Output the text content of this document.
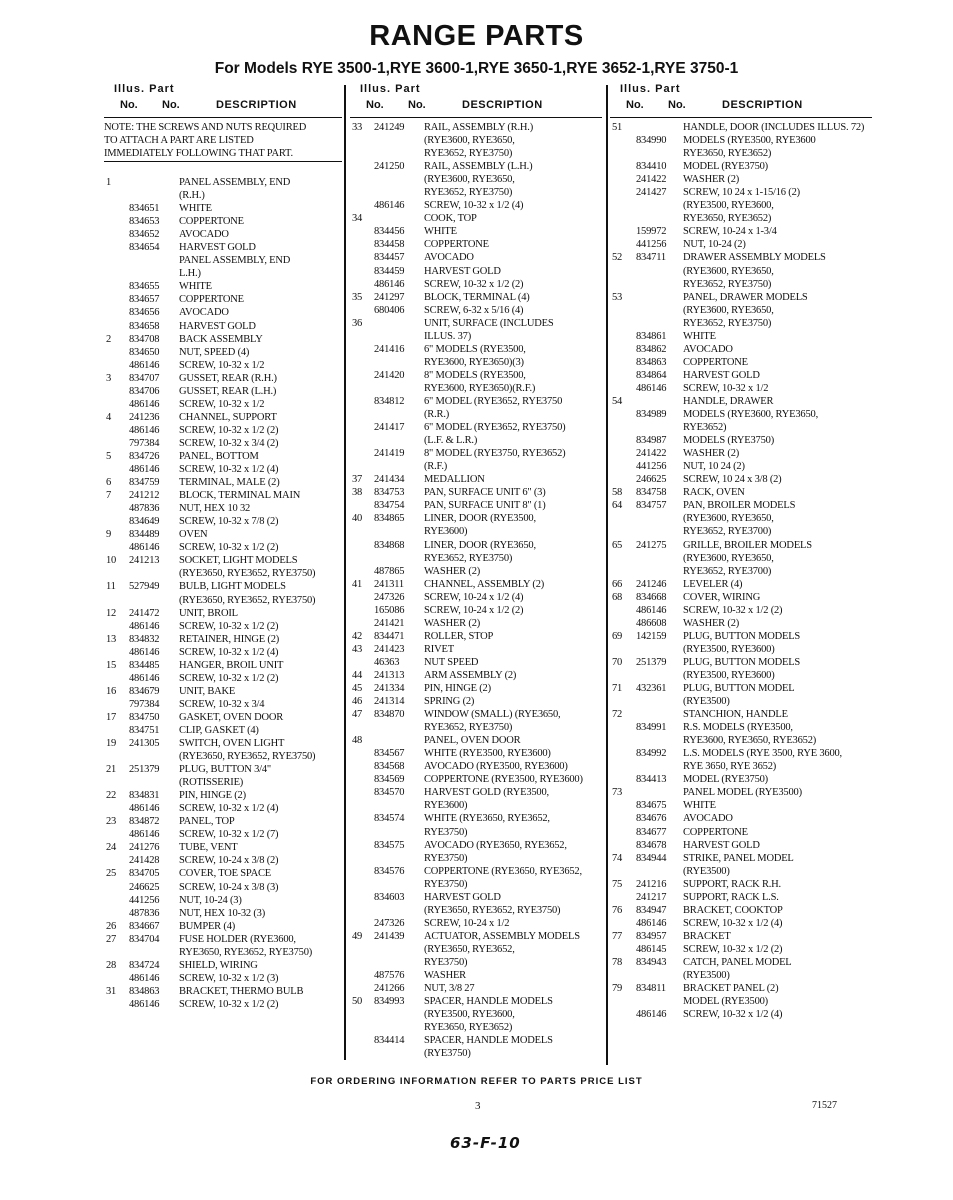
RANGE PARTS
For Models RYE 3500-1,RYE 3600-1,RYE 3650-1,RYE 3652-1,RYE 3750-1
Illus. Part
No. No.	DESCRIPTION
NOTE: THE SCREWS AND NUTS REQUIRED
TO ATTACH A PART ARE LISTED
IMMEDIATELY FOLLOWING THAT PART.
1	PANEL ASSEMBLY, END
(R.H.)
834651 WHITE
834653 COPPERTONE
834652 AVOCADO
834654 HARVEST GOLD
PANEL ASSEMBLY, END
L.H.)
834655 WHITE
834657 COPPERTONE
834656 AVOCADO
834658 HARVEST GOLD
2 834708 BACK ASSEMBLY
834650 NUT, SPEED (4)
486146 SCREW, 10-32 x 1/2
3 834707 GUSSET, REAR (R.H.)
834706 GUSSET, REAR (L.H.)
486146 SCREW, 10-32 x 1/2
4 241236 CHANNEL, SUPPORT
486146 SCREW, 10-32 x 1/2 (2)
797384 SCREW, 10-32 x 3/4 (2)
5 834726 PANEL, BOTTOM
486146 SCREW, 10-32 x 1/2 (4)
6 834759 TERMINAL, MALE (2)
7 241212 BLOCK, TERMINAL MAIN
487836 NUT, HEX 10 32
834649 SCREW, 10-32 x 7/8 (2)
9 834489 OVEN
486146 SCREW, 10-32 x 1/2 (2)
10 241213 SOCKET, LIGHT MODELS
(RYE3650, RYE3652, RYE3750)
11 527949 BULB, LIGHT MODELS
(RYE3650, RYE3652, RYE3750)
12 241472 UNIT, BROIL
486146 SCREW, 10-32 x 1/2 (2)
13 834832 RETAINER, HINGE (2)
486146 SCREW, 10-32 x 1/2 (4)
15 834485 HANGER, BROIL UNIT
486146 SCREW, 10-32 x 1/2 (2)
16 834679 UNIT, BAKE
797384 SCREW, 10-32 x 3/4
17 834750 GASKET, OVEN DOOR
834751 CLIP, GASKET (4)
19 241305 SWITCH, OVEN LIGHT
(RYE3650, RYE3652, RYE3750)
21 251379 PLUG, BUTTON 3/4"
(ROTISSERIE)
22 834831 PIN, HINGE (2)
486146 SCREW, 10-32 x 1/2 (4)
23 834872 PANEL, TOP
486146 SCREW, 10-32 x 1/2 (7)
24 241276 TUBE, VENT
241428 SCREW, 10-24 x 3/8 (2)
25 834705 COVER, TOE SPACE
246625 SCREW, 10-24 x 3/8 (3)
441256 NUT, 10-24 (3)
487836 NUT, HEX 10-32 (3)
26 834667 BUMPER (4)
27 834704 FUSE HOLDER (RYE3600,
RYE3650, RYE3652, RYE3750)
28 834724 SHIELD, WIRING
486146 SCREW, 10-32 x 1/2 (3)
31 834863 BRACKET, THERMO BULB
486146 SCREW, 10-32 x 1/2 (2)
Illus. Part
No. No.	DESCRIPTION
33 241249 RAIL, ASSEMBLY (R.H.)
(RYE3600, RYE3650,
RYE3652, RYE3750)
241250 RAIL, ASSEMBLY (L.H.)
(RYE3600, RYE3650,
RYE3652, RYE3750)
486146 SCREW, 10-32 x 1/2 (4)
34	COOK, TOP
834456 WHITE
834458 COPPERTONE
834457 AVOCADO
834459 HARVEST GOLD
486146 SCREW, 10-32 x 1/2 (2)
35 241297 BLOCK, TERMINAL (4)
680406 SCREW, 6-32 x 5/16 (4)
36	UNIT, SURFACE (INCLUDES
ILLUS. 37)
241416 6" MODELS (RYE3500,
RYE3600, RYE3650)(3)
241420 8" MODELS (RYE3500,
RYE3600, RYE3650)(R.F.)
834812 6" MODEL (RYE3652, RYE3750
(R.R.)
241417 6" MODEL (RYE3652, RYE3750)
(L.F. & L.R.)
241419 8" MODEL (RYE3750, RYE3652)
(R.F.)
37 241434 MEDALLION
38 834753 PAN, SURFACE UNIT 6" (3)
834754 PAN, SURFACE UNIT 8" (1)
40 834865 LINER, DOOR (RYE3500,
RYE3600)
834868 LINER, DOOR (RYE3650,
RYE3652, RYE3750)
487865 WASHER (2)
41 241311 CHANNEL, ASSEMBLY (2)
247326 SCREW, 10-24 x 1/2 (4)
165086 SCREW, 10-24 x 1/2 (2)
241421 WASHER (2)
42 834471 ROLLER, STOP
43 241423 RIVET
46363 NUT SPEED
44 241313 ARM ASSEMBLY (2)
45 241334 PIN, HINGE (2)
46 241314 SPRING (2)
47 834870 WINDOW (SMALL) (RYE3650,
RYE3652, RYE3750)
48	PANEL, OVEN DOOR
834567 WHITE (RYE3500, RYE3600)
834568 AVOCADO (RYE3500, RYE3600)
834569 COPPERTONE (RYE3500, RYE3600)
834570 HARVEST GOLD (RYE3500,
RYE3600)
834574 WHITE (RYE3650, RYE3652,
RYE3750)
834575 AVOCADO (RYE3650, RYE3652,
RYE3750)
834576 COPPERTONE (RYE3650, RYE3652,
RYE3750)
834603 HARVEST GOLD
(RYE3650, RYE3652, RYE3750)
247326 SCREW, 10-24 x 1/2
49 241439 ACTUATOR, ASSEMBLY MODELS
(RYE3650, RYE3652,
RYE3750)
487576 WASHER
241266 NUT, 3/8 27
50 834993 SPACER, HANDLE MODELS
(RYE3500, RYE3600,
RYE3650, RYE3652)
834414 SPACER, HANDLE MODELS
(RYE3750)
Illus. Part
No. No.	DESCRIPTION
51	HANDLE, DOOR (INCLUDES ILLUS. 72)
834990 MODELS (RYE3500, RYE3600
RYE3650, RYE3652)
834410 MODEL (RYE3750)
241422 WASHER (2)
241427 SCREW, 10 24 x 1-15/16 (2)
(RYE3500, RYE3600,
RYE3650, RYE3652)
159972 SCREW, 10-24 x 1-3/4
441256 NUT, 10-24 (2)
52 834711 DRAWER ASSEMBLY MODELS
(RYE3600, RYE3650,
RYE3652, RYE3750)
53	PANEL, DRAWER MODELS
(RYE3600, RYE3650,
RYE3652, RYE3750)
834861 WHITE
834862 AVOCADO
834863 COPPERTONE
834864 HARVEST GOLD
486146 SCREW, 10-32 x 1/2
54	HANDLE, DRAWER
834989 MODELS (RYE3600, RYE3650,
RYE3652)
834987 MODELS (RYE3750)
241422 WASHER (2)
441256 NUT, 10 24 (2)
246625 SCREW, 10 24 x 3/8 (2)
58 834758 RACK, OVEN
64 834757 PAN, BROILER MODELS
(RYE3600, RYE3650,
RYE3652, RYE3700)
65 241275 GRILLE, BROILER MODELS
(RYE3600, RYE3650,
RYE3652, RYE3700)
66 241246 LEVELER (4)
68 834668 COVER, WIRING
486146 SCREW, 10-32 x 1/2 (2)
486608 WASHER (2)
69 142159 PLUG, BUTTON MODELS
(RYE3500, RYE3600)
70 251379 PLUG, BUTTON MODELS
(RYE3500, RYE3600)
71 432361 PLUG, BUTTON MODEL
(RYE3500)
72	STANCHION, HANDLE
834991 R.S. MODELS (RYE3500,
RYE3600, RYE3650, RYE3652)
834992 L.S. MODELS (RYE 3500, RYE 3600,
RYE 3650, RYE 3652)
834413 MODEL (RYE3750)
73	PANEL MODEL (RYE3500)
834675 WHITE
834676 AVOCADO
834677 COPPERTONE
834678 HARVEST GOLD
74 834944 STRIKE, PANEL MODEL
(RYE3500)
75 241216 SUPPORT, RACK R.H.
241217 SUPPORT, RACK L.S.
76 834947 BRACKET, COOKTOP
486146 SCREW, 10-32 x 1/2 (4)
77 834957 BRACKET
486145 SCREW, 10-32 x 1/2 (2)
78 834943 CATCH, PANEL MODEL
(RYE3500)
79 834811 BRACKET PANEL (2)
MODEL (RYE3500)
486146 SCREW, 10-32 x 1/2 (4)
FOR ORDERING INFORMATION REFER TO PARTS PRICE LIST
3	71527
63-F-10
